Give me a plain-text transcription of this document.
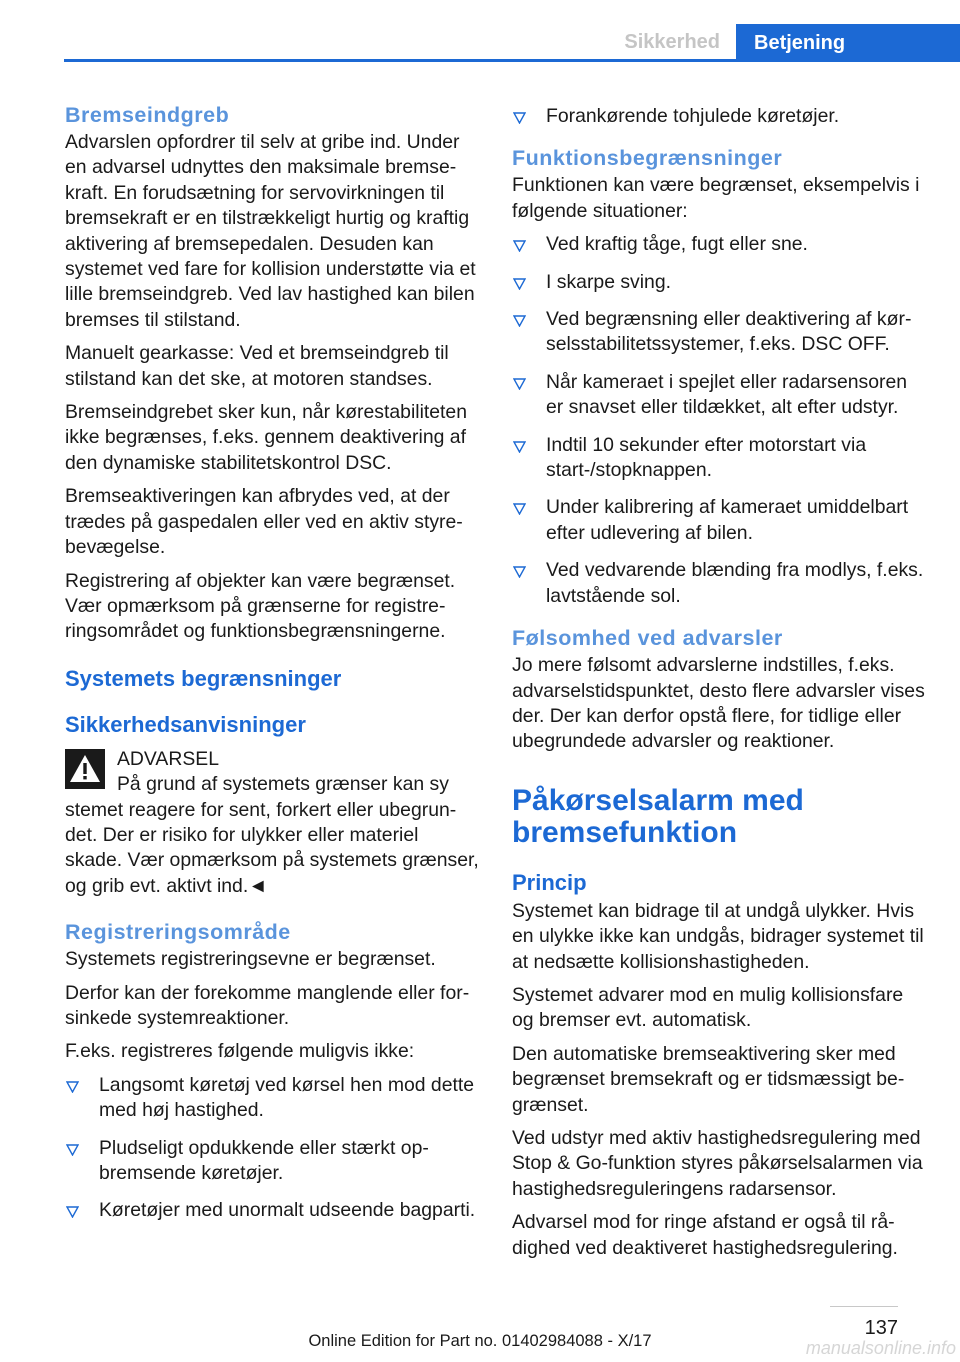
Sikkerhed	Betjening
Bremseindgreb

Advarslen opfordrer til selv at gribe ind. Under en advarsel udnyttes den maksimale bremsekraft. En forudsætning for servovirkningen til bremsekraft er en tilstrækkeligt hurtig og kraftig aktivering af bremsepedalen. Desuden kan systemet ved fare for kollision understøtte via et lille bremseindgreb. Ved lav hastighed kan bilen bremses til stilstand.

Manuelt gearkasse: Ved et bremseindgreb til stilstand kan det ske, at motoren standses.

Bremseindgrebet sker kun, når kørestabiliteten ikke begrænses, f.eks. gennem deaktivering af den dynamiske stabilitetskontrol DSC.

Bremseaktiveringen kan afbrydes ved, at der trædes på gaspedalen eller ved en aktiv styrebevægelse.

Registrering af objekter kan være begrænset. Vær opmærksom på grænserne for registreringsområdet og funktionsbegrænsningerne.

Systemets begrænsninger
Sikkerhedsanvisninger

ADVARSEL

På grund af systemets grænser kan sy

stemet reagere for sent, forkert eller ubegrundet. Der er risiko for ulykker eller materiel skade. Vær opmærksom på systemets grænser, og grib evt. aktivt ind.◄

Registreringsområde

Systemets registreringsevne er begrænset.

Derfor kan der forekomme manglende eller forsinkede systemreaktioner.

F.eks. registreres følgende muligvis ikke:

Langsomt køretøj ved kørsel hen mod dette med høj hastighed.
Pludseligt opdukkende eller stærkt opbremsende køretøjer.
Køretøjer med unormalt udseende bagparti.
Forankørende tohjulede køretøjer.
Funktionsbegrænsninger

Funktionen kan være begrænset, eksempelvis i følgende situationer:

Ved kraftig tåge, fugt eller sne.
I skarpe sving.
Ved begrænsning eller deaktivering af kørselsstabilitetssystemer, f.eks. DSC OFF.
Når kameraet i spejlet eller radarsensoren er snavset eller tildækket, alt efter udstyr.
Indtil 10 sekunder efter motorstart via start-/stopknappen.
Under kalibrering af kameraet umiddelbart efter udlevering af bilen.
Ved vedvarende blænding fra modlys, f.eks. lavtstående sol.
Følsomhed ved advarsler

Jo mere følsomt advarslerne indstilles, f.eks. advarselstidspunktet, desto flere advarsler vises der. Der kan derfor opstå flere, for tidlige eller ubegrundede advarsler og reaktioner.

Påkørselsalarm med
bremsefunktion
Princip

Systemet kan bidrage til at undgå ulykker. Hvis en ulykke ikke kan undgås, bidrager systemet til at nedsætte kollisionshastigheden.

Systemet advarer mod en mulig kollisionsfare og bremser evt. automatisk.

Den automatiske bremseaktivering sker med begrænset bremsekraft og er tidsmæssigt begrænset.

Ved udstyr med aktiv hastighedsregulering med Stop & Go-funktion styres påkørselsalarmen via hastighedsreguleringens radarsensor.

Advarsel mod for ringe afstand er også til rådighed ved deaktiveret hastighedsregulering.

137
Online Edition for Part no. 01402984088 - X/17	manualsonline.info
